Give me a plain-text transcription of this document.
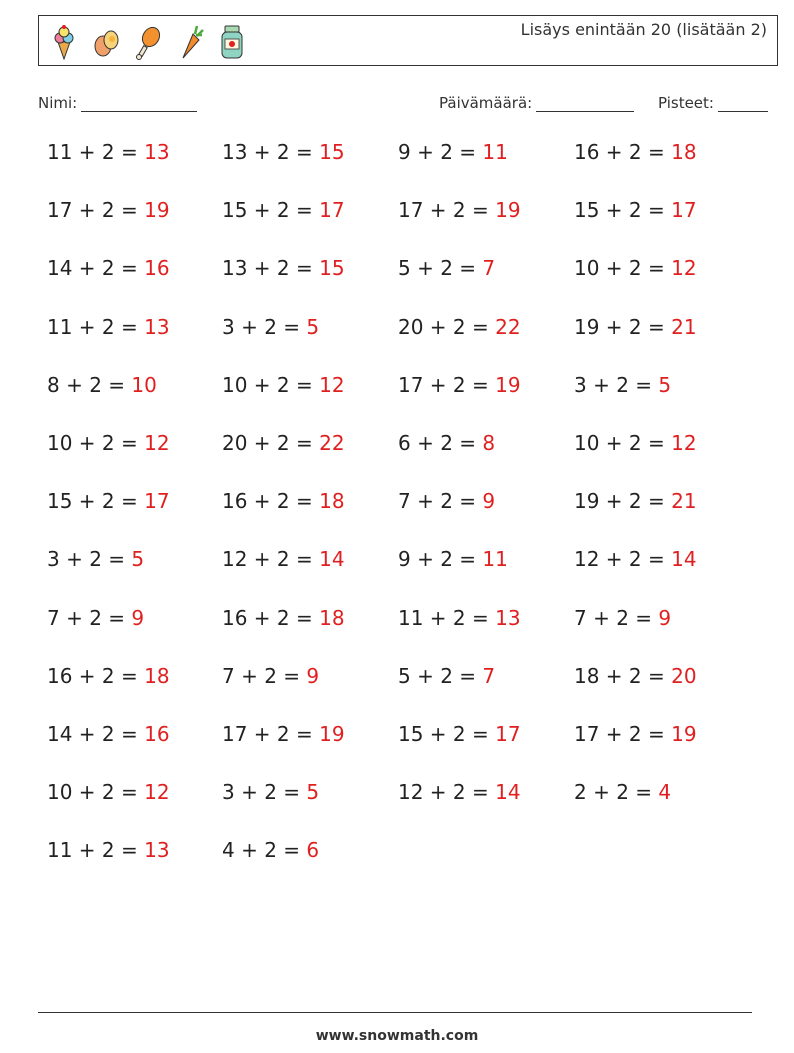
Lisäys enintään 20 (lisätään 2)
Nimi:	Päivämäärä:	Pisteet:
11 + 2 = 13	13 + 2 = 15	9 + 2 = 11	16 + 2 = 18
17 + 2 = 19	15 + 2 = 17	17 + 2 = 19	15 + 2 = 17
14 + 2 = 16	13 + 2 = 15	5 + 2 = 7	10 + 2 = 12
11 + 2 = 13	3 + 2 = 5	20 + 2 = 22	19 + 2 = 21
8 + 2 = 10	10 + 2 = 12	17 + 2 = 19	3 + 2 = 5
10 + 2 = 12	20 + 2 = 22	6 + 2 = 8	10 + 2 = 12
15 + 2 = 17	16 + 2 = 18	7 + 2 = 9	19 + 2 = 21
3 + 2 = 5	12 + 2 = 14	9 + 2 = 11	12 + 2 = 14
7 + 2 = 9	16 + 2 = 18	11 + 2 = 13	7 + 2 = 9
16 + 2 = 18	7 + 2 = 9	5 + 2 = 7	18 + 2 = 20
14 + 2 = 16	17 + 2 = 19	15 + 2 = 17	17 + 2 = 19
10 + 2 = 12	3 + 2 = 5	12 + 2 = 14	2 + 2 = 4
11 + 2 = 13	4 + 2 = 6
www.snowmath.com
